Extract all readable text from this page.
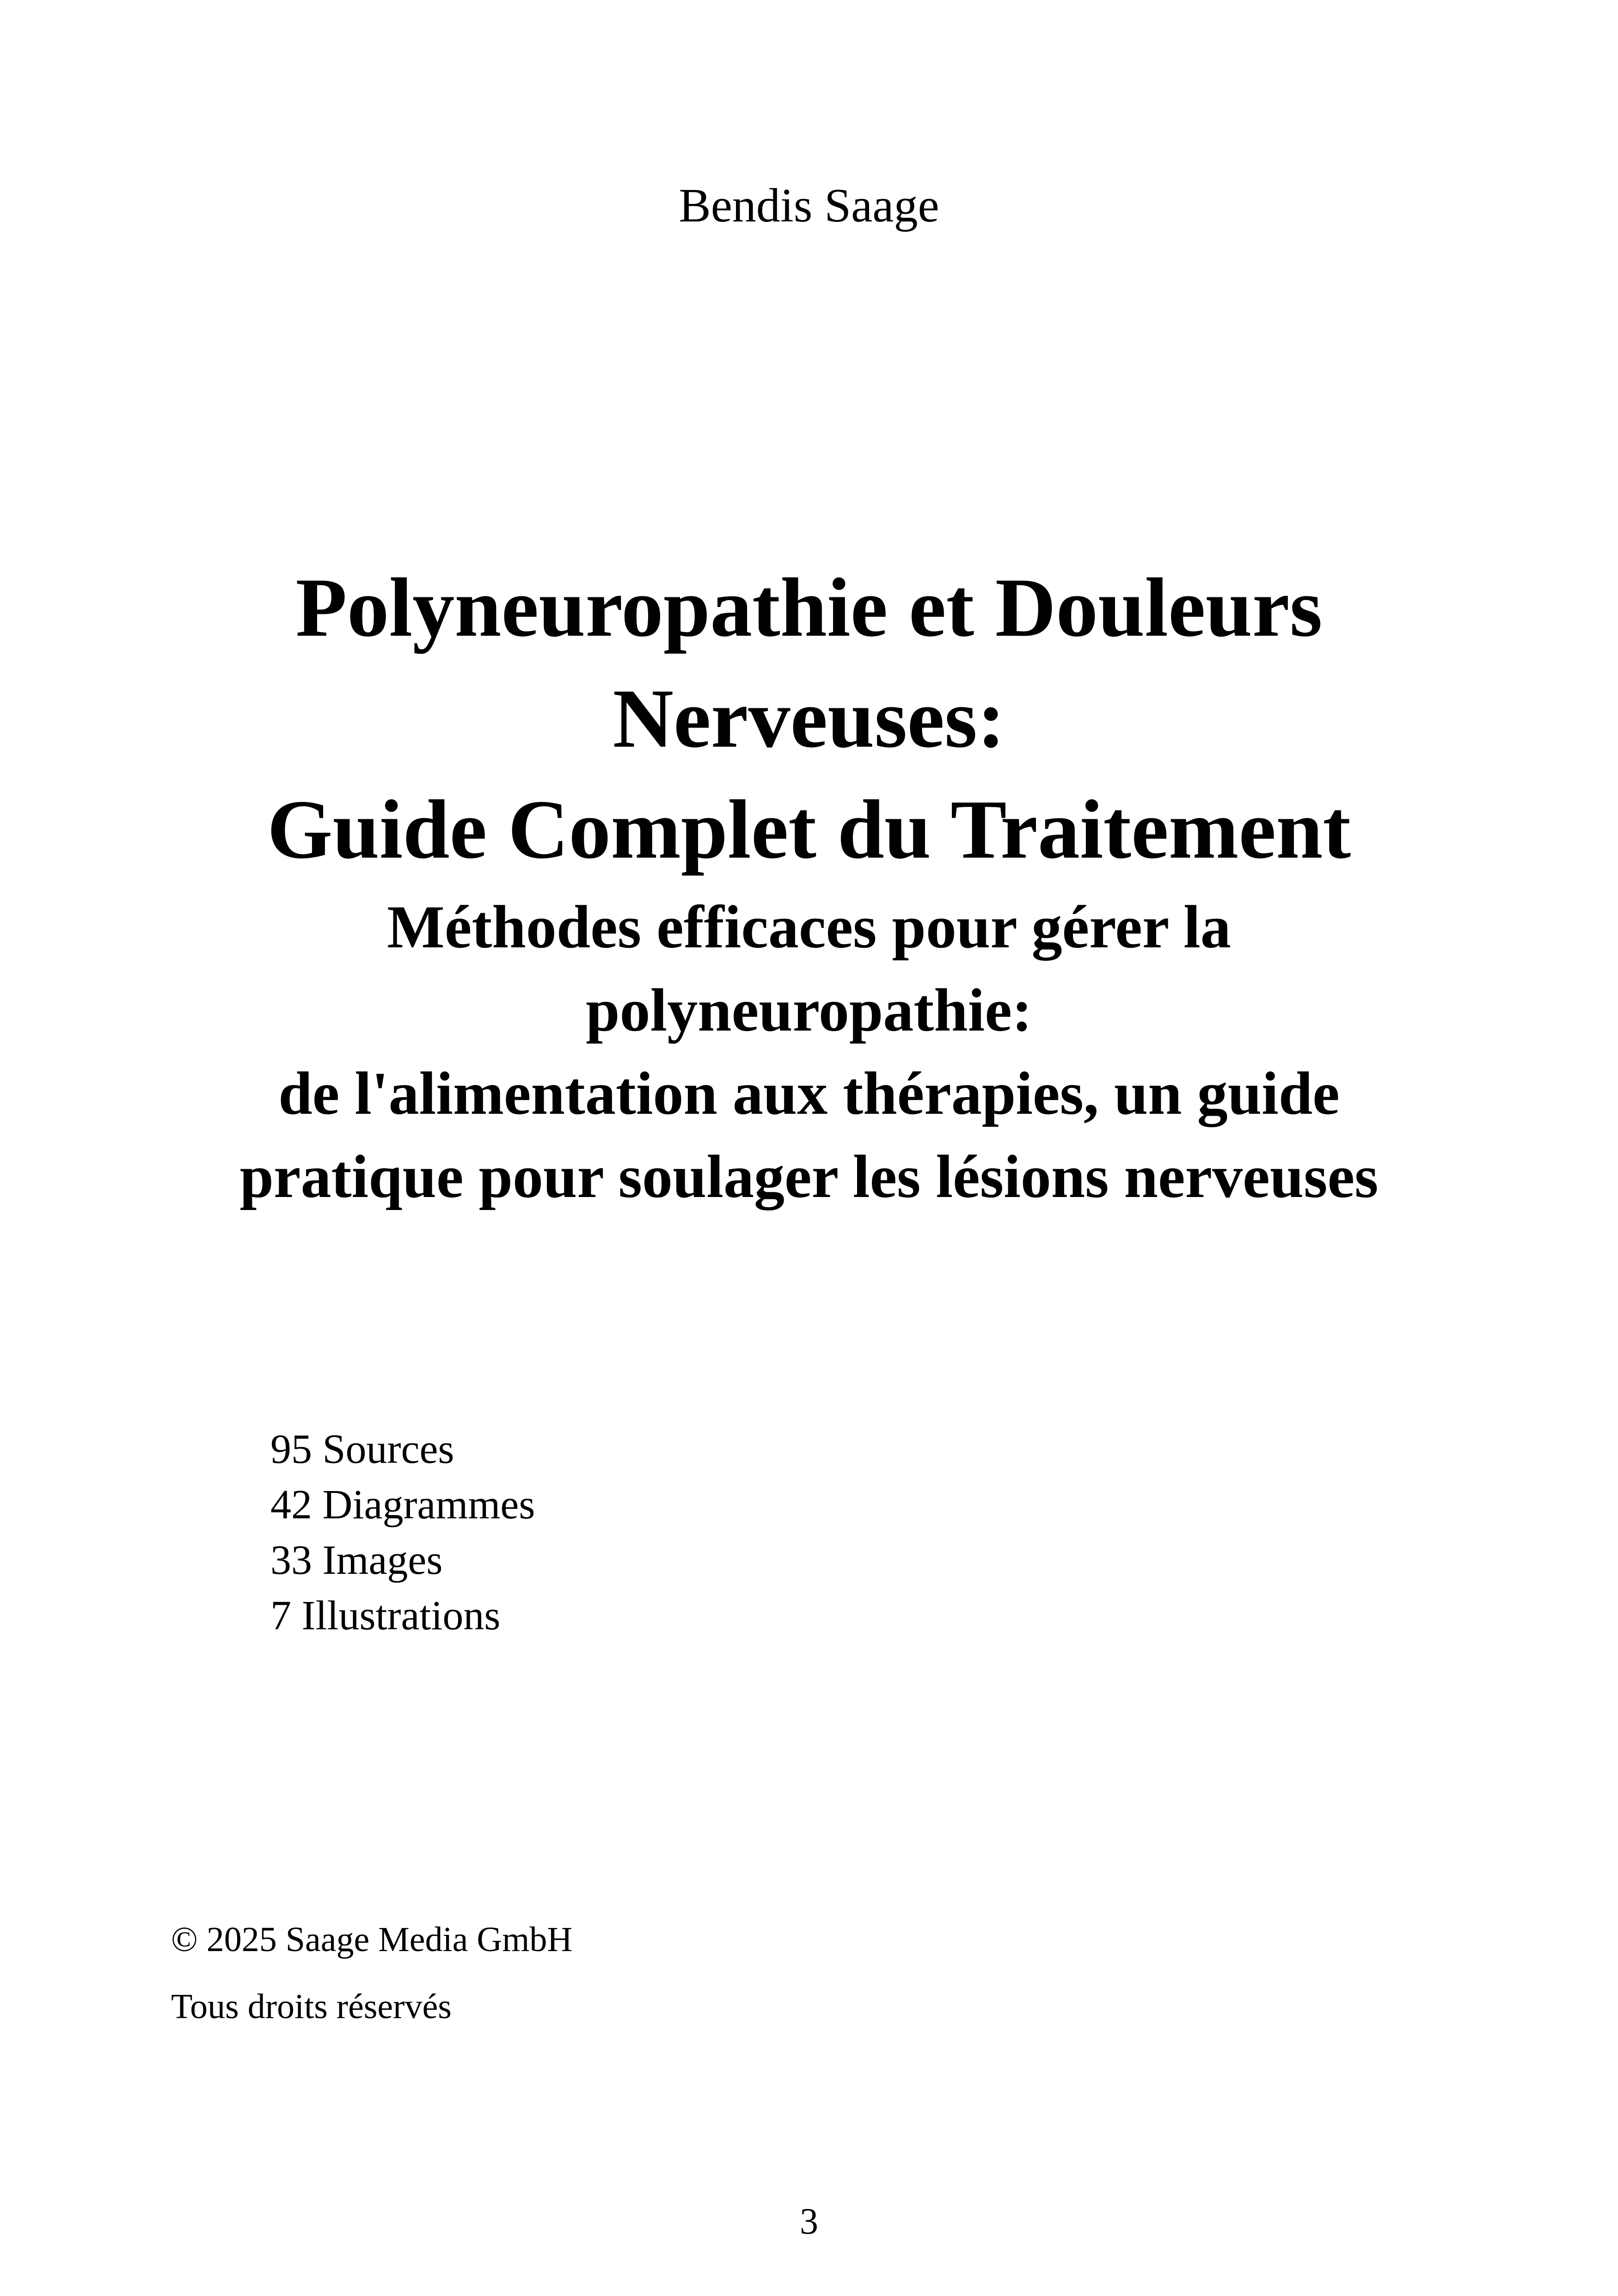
Bendis Saage
Polyneuropathie et Douleurs
Nerveuses:
Guide Complet du Traitement
Méthodes efficaces pour gérer la
polyneuropathie:
de l'alimentation aux thérapies, un guide
pratique pour soulager les lésions nerveuses
95 Sources
42 Diagrammes
33 Images
7 Illustrations
© 2025 Saage Media GmbH
Tous droits réservés
3
